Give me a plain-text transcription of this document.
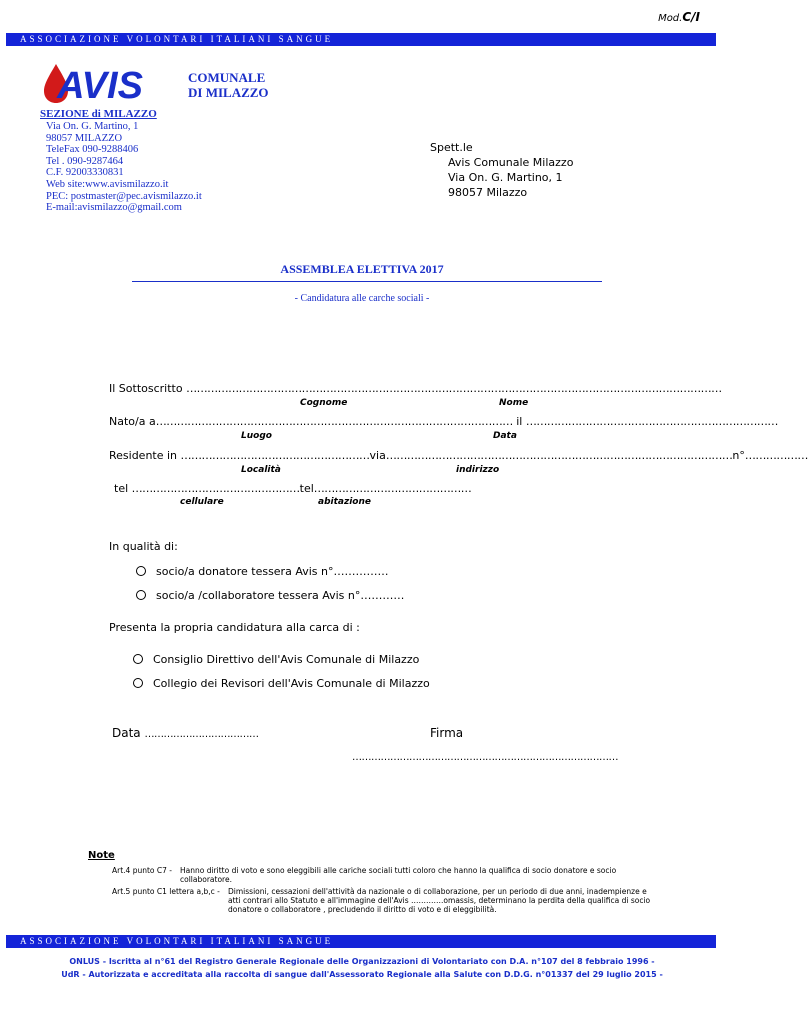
Mod.C/I
ASSOCIAZIONE VOLONTARI ITALIANI SANGUE
AVIS	COMUNALE
DI MILAZZO
SEZIONE di MILAZZO
Via On. G. Martino, 1
98057 MILAZZO
TeleFax 090-9288406
Tel . 090-9287464
C.F. 92003330831
Web site:www.avismilazzo.it
PEC: postmaster@pec.avismilazzo.it
E-mail:avismilazzo@gmail.com
Spett.le
Avis Comunale Milazzo
Via On. G. Martino, 1
98057 Milazzo
ASSEMBLEA ELETTIVA 2017
- Candidatura alle carche sociali -
Il Sottoscritto ………………………………………………………………………………………………………………………………………
Cognome	Nome
Nato/a a………………………………………………………………………………………… il ………………………………………………………………
Luogo	Data
Residente in ………………………………………………via………………………………………………………………………………………n°………………
Località	indirizzo
tel …………………………………………tel………………………………………
cellulare	abitazione
In qualità di:
socio/a donatore tessera Avis n°……………
socio/a /collaboratore tessera Avis n°…………
Presenta la propria candidatura alla carca di :
Consiglio Direttivo dell'Avis Comunale di Milazzo
Collegio dei Revisori dell'Avis Comunale di Milazzo
Data ………………………………	Firma
…………………………………………………………………………
Note
Art.4 punto C7 -	Hanno diritto di voto e sono eleggibili alle cariche sociali tutti coloro che hanno la qualifica di socio donatore e socio collaboratore.
Art.5 punto C1 lettera a,b,c -	Dimissioni, cessazioni dell'attività da nazionale o di collaborazione, per un periodo di due anni, inadempienze e atti contrari allo Statuto e all'immagine dell'Avis ………….omassis, determinano la perdita della qualifica di socio donatore o collaboratore , precludendo il diritto di voto e di eleggibilità.
ASSOCIAZIONE VOLONTARI ITALIANI SANGUE
ONLUS - Iscritta al n°61 del Registro Generale Regionale delle Organizzazioni di Volontariato con D.A. n°107 del 8 febbraio 1996 -
UdR - Autorizzata e accreditata alla raccolta di sangue dall'Assessorato Regionale alla Salute con D.D.G. n°01337 del 29 luglio 2015 -
